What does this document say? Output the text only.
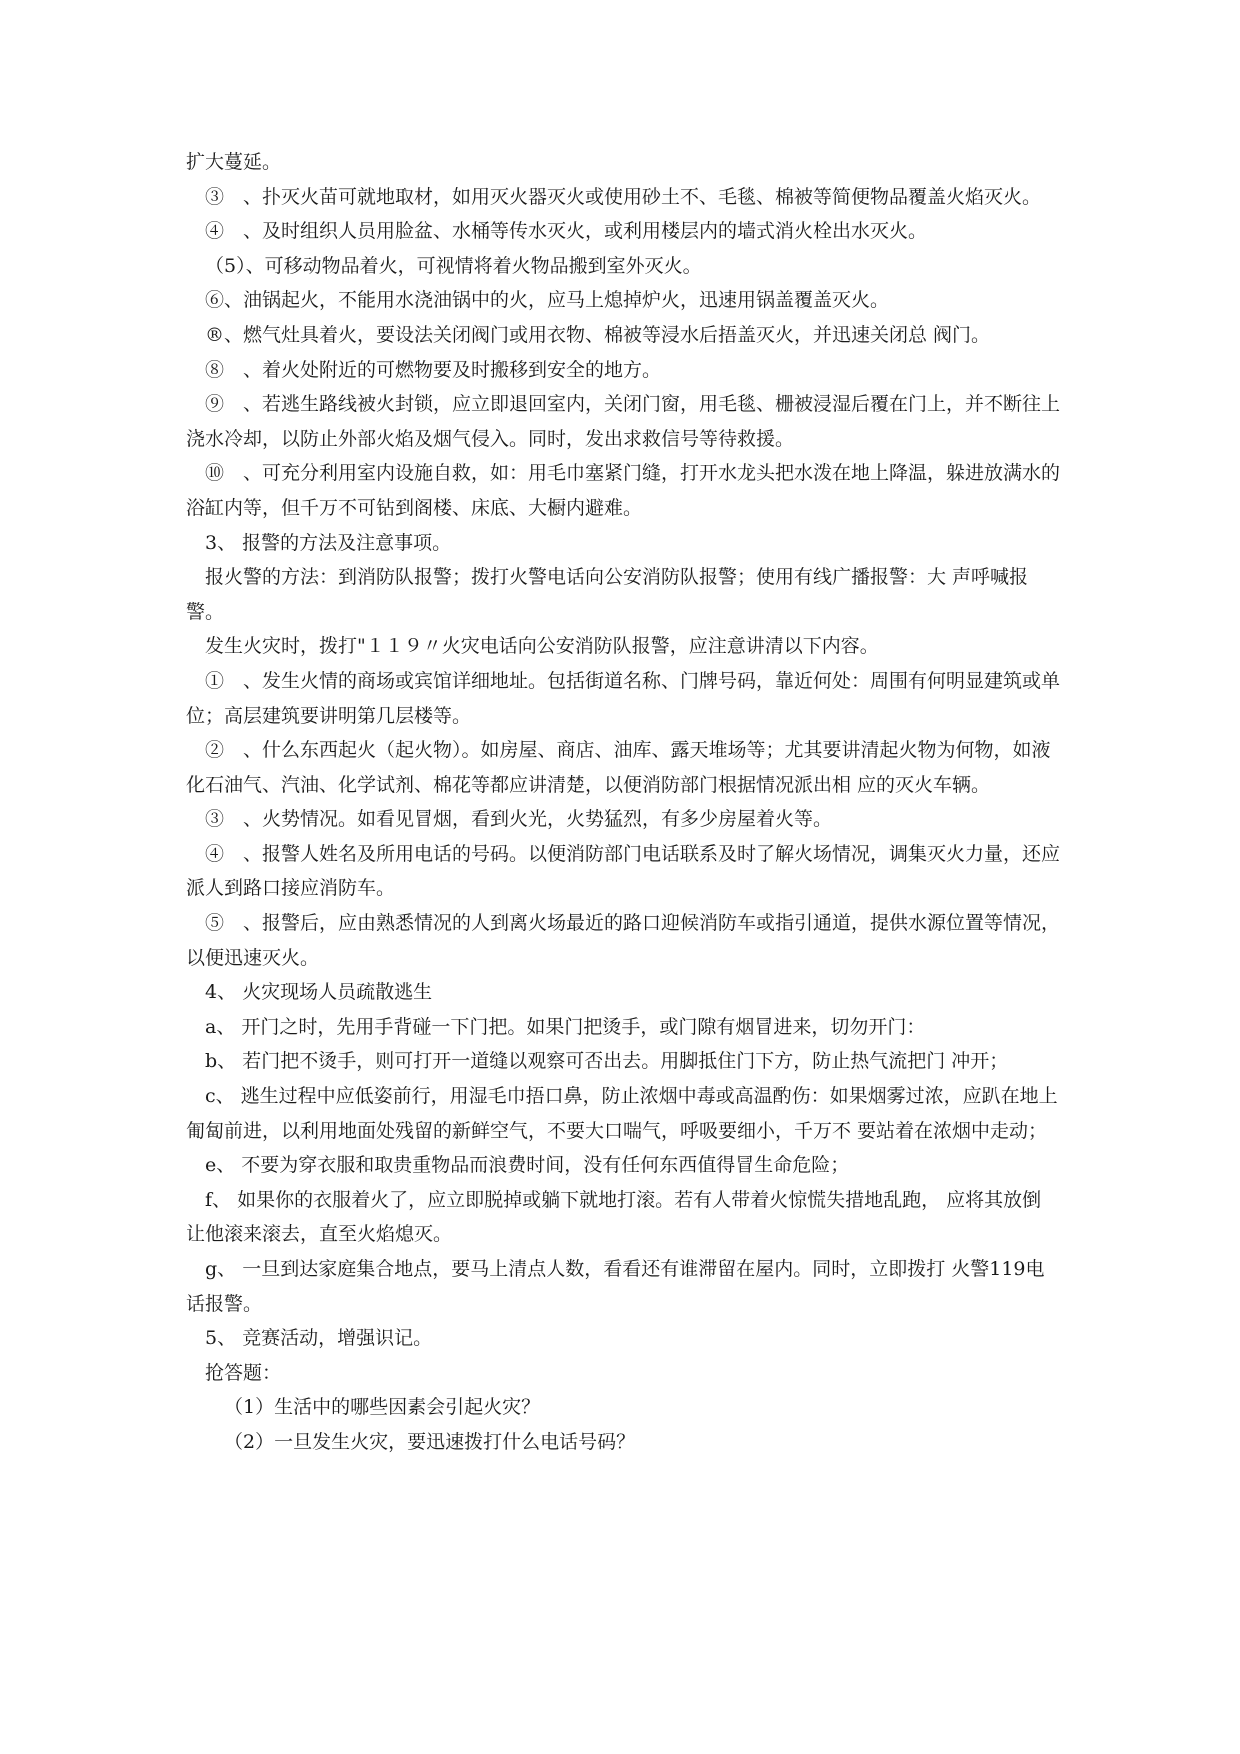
扩大蔓延。

③　、扑灭火苗可就地取材，如用灭火器灭火或使用砂土不、毛毯、棉被等简便物品覆盖火焰灭火。

④　、及时组织人员用脸盆、水桶等传水灭火，或利用楼层内的墙式消火栓出水灭火。

（5）、可移动物品着火，可视情将着火物品搬到室外灭火。

⑥、油锅起火，不能用水浇油锅中的火，应马上熄掉炉火，迅速用锅盖覆盖灭火。

®、燃气灶具着火，要设法关闭阀门或用衣物、棉被等浸水后捂盖灭火，并迅速关闭总 阀门。

⑧　、着火处附近的可燃物要及时搬移到安全的地方。

⑨　、若逃生路线被火封锁，应立即退回室内，关闭门窗，用毛毯、栅被浸湿后覆在门上，并不断往上浇水冷却，以防止外部火焰及烟气侵入。同时，发出求救信号等待救援。

⑩　、可充分利用室内设施自救，如：用毛巾塞紧门缝，打开水龙头把水泼在地上降温，躲进放满水的浴缸内等，但千万不可钻到阁楼、床底、大橱内避难。

3、 报警的方法及注意事项。

报火警的方法：到消防队报警；拨打火警电话向公安消防队报警；使用有线广播报警：大 声呼喊报警。

发生火灾时，拨打"１１９〃火灾电话向公安消防队报警，应注意讲清以下内容。

①　、发生火情的商场或宾馆详细地址。包括街道名称、门牌号码，靠近何处：周围有何明显建筑或单位；高层建筑要讲明第几层楼等。

②　、什么东西起火（起火物）。如房屋、商店、油库、露天堆场等；尤其要讲清起火物为何物，如液化石油气、汽油、化学试剂、棉花等都应讲清楚，以便消防部门根据情况派出相 应的灭火车辆。

③　、火势情况。如看见冒烟，看到火光，火势猛烈，有多少房屋着火等。

④　、报警人姓名及所用电话的号码。以便消防部门电话联系及时了解火场情况，调集灭火力量，还应派人到路口接应消防车。

⑤　、报警后，应由熟悉情况的人到离火场最近的路口迎候消防车或指引通道，提供水源位置等情况，以便迅速灭火。

4、 火灾现场人员疏散逃生

a、 开门之时，先用手背碰一下门把。如果门把烫手，或门隙有烟冒进来，切勿开门：

b、 若门把不烫手，则可打开一道缝以观察可否出去。用脚抵住门下方，防止热气流把门 冲开；

c、 逃生过程中应低姿前行，用湿毛巾捂口鼻，防止浓烟中毒或高温酌伤：如果烟雾过浓，应趴在地上匍匐前进，以利用地面处残留的新鲜空气，不要大口喘气，呼吸要细小，千万不 要站着在浓烟中走动；

e、 不要为穿衣服和取贵重物品而浪费时间，没有任何东西值得冒生命危险；

f、 如果你的衣服着火了，应立即脱掉或躺下就地打滚。若有人带着火惊慌失措地乱跑， 应将其放倒让他滚来滚去，直至火焰熄灭。

g、 一旦到达家庭集合地点，要马上清点人数，看看还有谁滞留在屋内。同时，立即拨打 火警119电话报警。

5、 竞赛活动，增强识记。

抢答题：

（1）生活中的哪些因素会引起火灾？

（2）一旦发生火灾，要迅速拨打什么电话号码？
